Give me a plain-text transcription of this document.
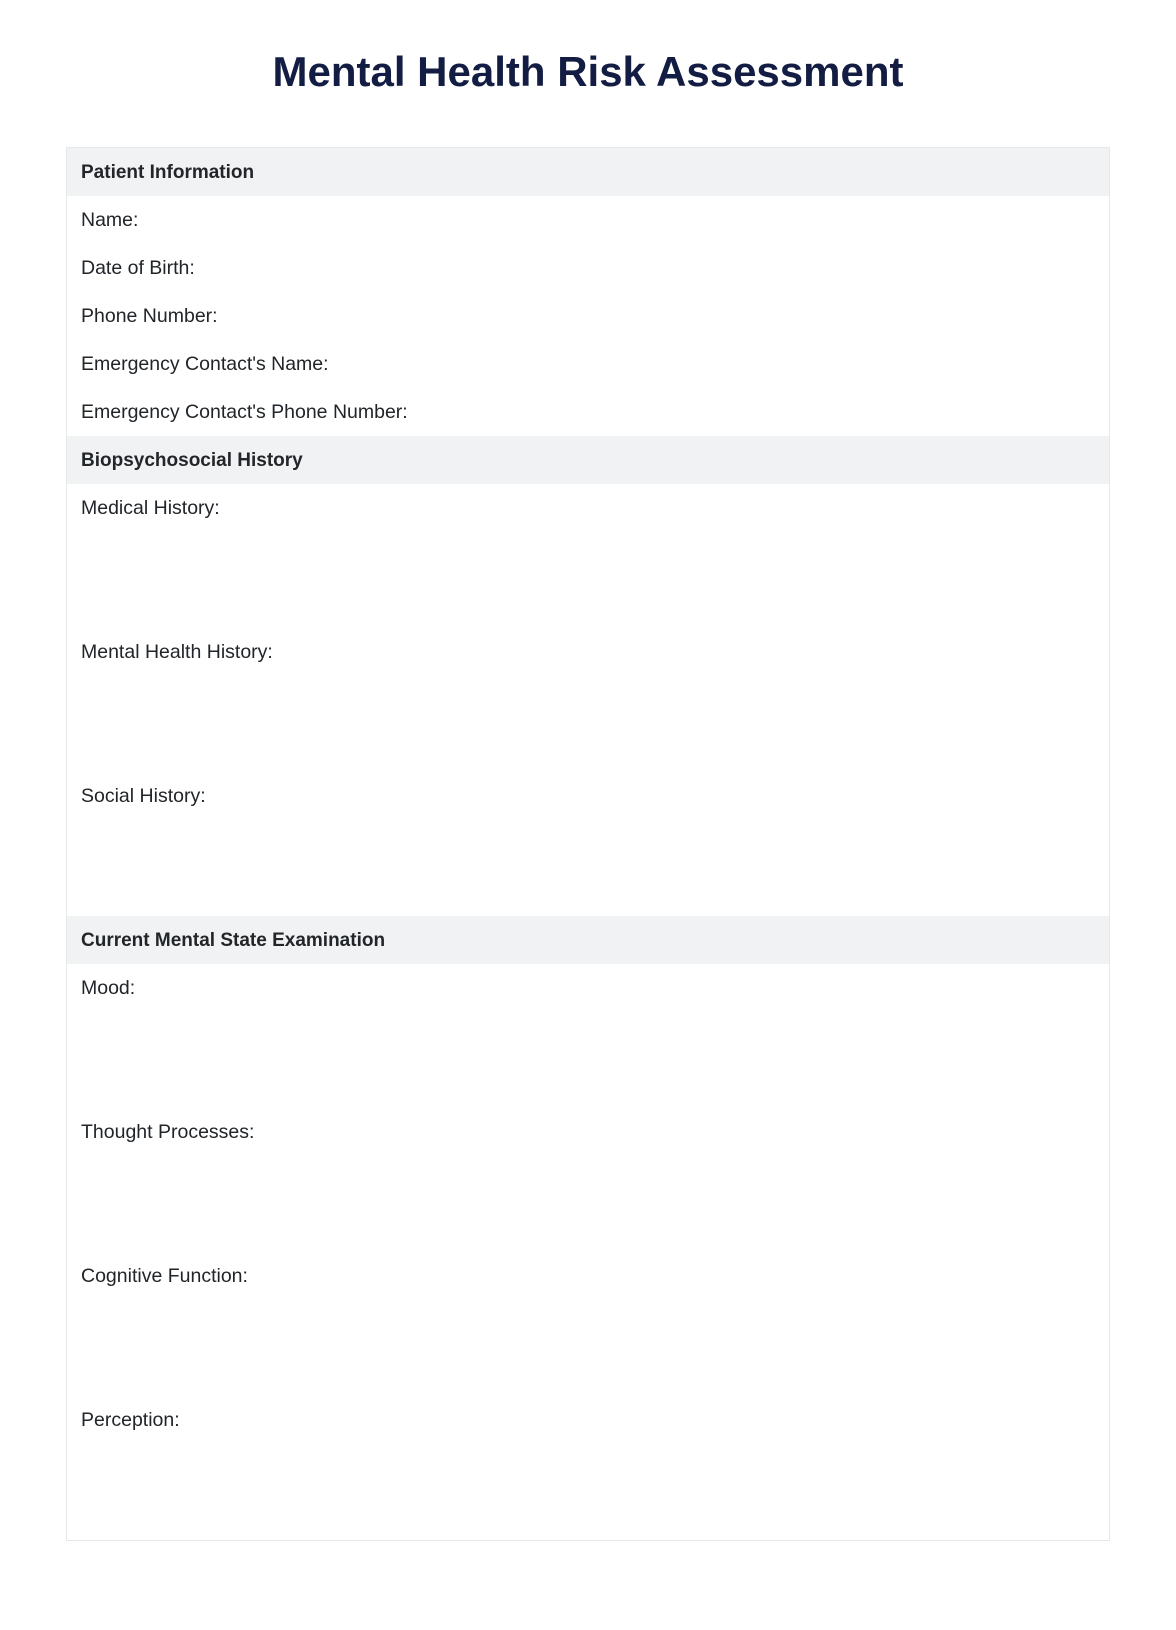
Mental Health Risk Assessment
Patient Information
Name:
Date of Birth:
Phone Number:
Emergency Contact's Name:
Emergency Contact's Phone Number:
Biopsychosocial History
Medical History:
Mental Health History:
Social History:
Current Mental State Examination
Mood:
Thought Processes:
Cognitive Function:
Perception:
